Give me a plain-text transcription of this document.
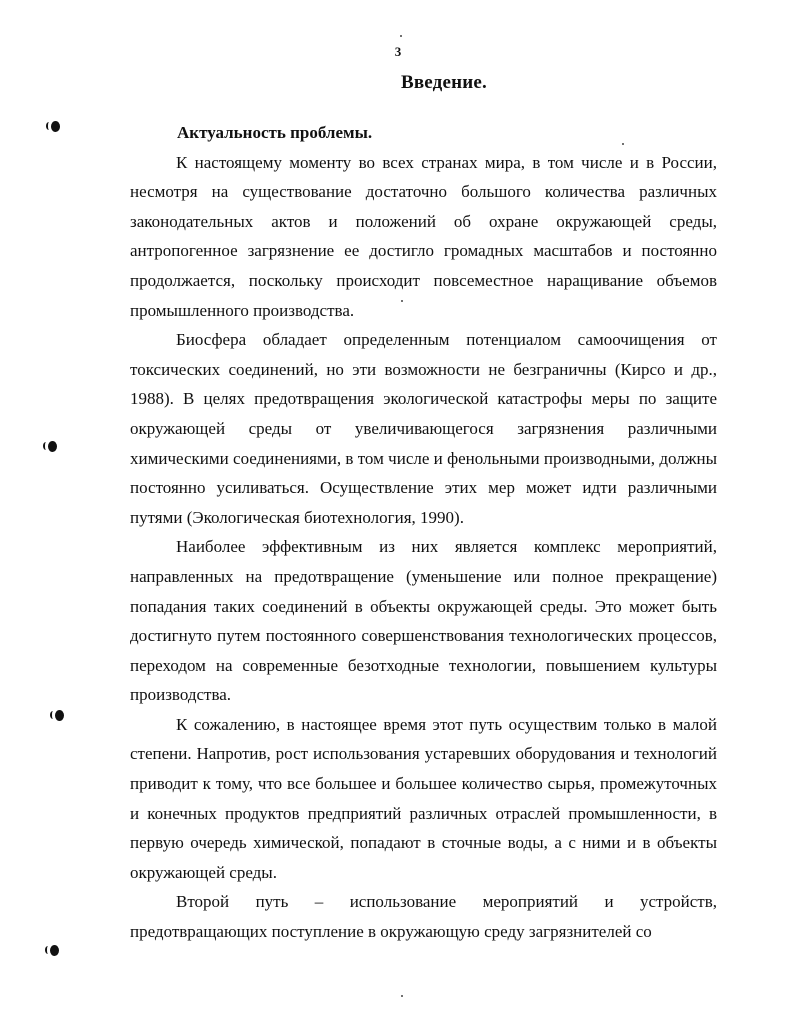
3
Введение.

Актуальность проблемы.

К настоящему моменту во всех странах мира, в том числе и в России, несмотря на существование достаточно большого количества различных законодательных актов и положений об охране окружающей среды, антропогенное загрязнение ее достигло громадных масштабов и постоянно продолжается, поскольку происходит повсеместное наращивание объемов промышленного производства.

Биосфера обладает определенным потенциалом самоочищения от токсических соединений, но эти возможности не безграничны (Кирсо и др., 1988). В целях предотвращения экологической катастрофы меры по защите окружающей среды от увеличивающегося загрязнения различными химическими соединениями, в том числе и фенольными производными, должны постоянно усиливаться. Осуществление этих мер может идти различными путями (Экологическая биотехнология, 1990).

Наиболее эффективным из них является комплекс мероприятий, направленных на предотвращение (уменьшение или полное прекращение) попадания таких соединений в объекты окружающей среды. Это может быть достигнуто путем постоянного совершенствования технологических процессов, переходом на современные безотходные технологии, повышением культуры производства.

К сожалению, в настоящее время этот путь осуществим только в малой степени. Напротив, рост использования устаревших оборудования и технологий приводит к тому, что все большее и большее количество сырья, промежуточных и конечных продуктов предприятий различных отраслей промышленности, в первую очередь химической, попадают в сточные воды, а с ними и в объекты окружающей среды.

Второй путь – использование мероприятий и устройств, предотвращающих поступление в окружающую среду загрязнителей со
